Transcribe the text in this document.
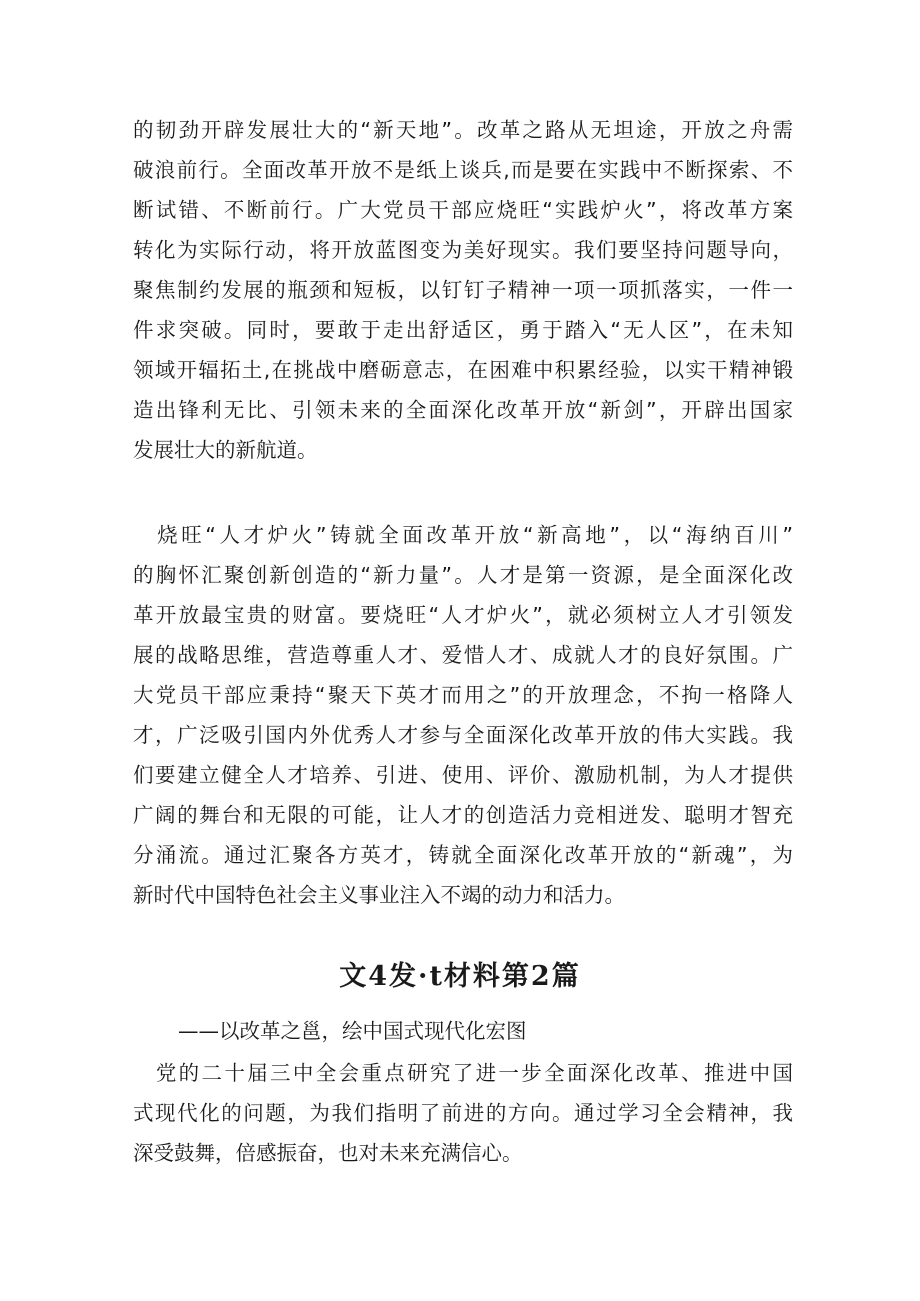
的韧劲开辟发展壮大的“新天地”。改革之路从无坦途，开放之舟需
破浪前行。全面改革开放不是纸上谈兵,而是要在实践中不断探索、不
断试错、不断前行。广大党员干部应烧旺“实践炉火”，将改革方案
转化为实际行动，将开放蓝图变为美好现实。我们要坚持问题导向，
聚焦制约发展的瓶颈和短板，以钉钉子精神一项一项抓落实，一件一
件求突破。同时，要敢于走出舒适区，勇于踏入“无人区”，在未知
领域开辐拓土,在挑战中磨砺意志，在困难中积累经验，以实干精神锻
造出锋利无比、引领未来的全面深化改革开放“新剑”，开辟出国家
发展壮大的新航道。
　烧旺“人才炉火”铸就全面改革开放“新高地”，以“海纳百川”
的胸怀汇聚创新创造的“新力量”。人才是第一资源，是全面深化改
革开放最宝贵的财富。要烧旺“人才炉火”，就必须树立人才引领发
展的战略思维，营造尊重人才、爱惜人才、成就人才的良好氛围。广
大党员干部应秉持“聚天下英才而用之”的开放理念，不拘一格降人
才，广泛吸引国内外优秀人才参与全面深化改革开放的伟大实践。我
们要建立健全人才培养、引进、使用、评价、激励机制，为人才提供
广阔的舞台和无限的可能，让人才的创造活力竞相迸发、聪明才智充
分涌流。通过汇聚各方英才，铸就全面深化改革开放的“新魂”，为
新时代中国特色社会主义事业注入不竭的动力和活力。
文4发·t材料第2篇

——以改革之邕，绘中国式现代化宏图

　党的二十届三中全会重点研究了进一步全面深化改革、推进中国
式现代化的问题，为我们指明了前进的方向。通过学习全会精神，我
深受鼓舞，倍感振奋，也对未来充满信心。
